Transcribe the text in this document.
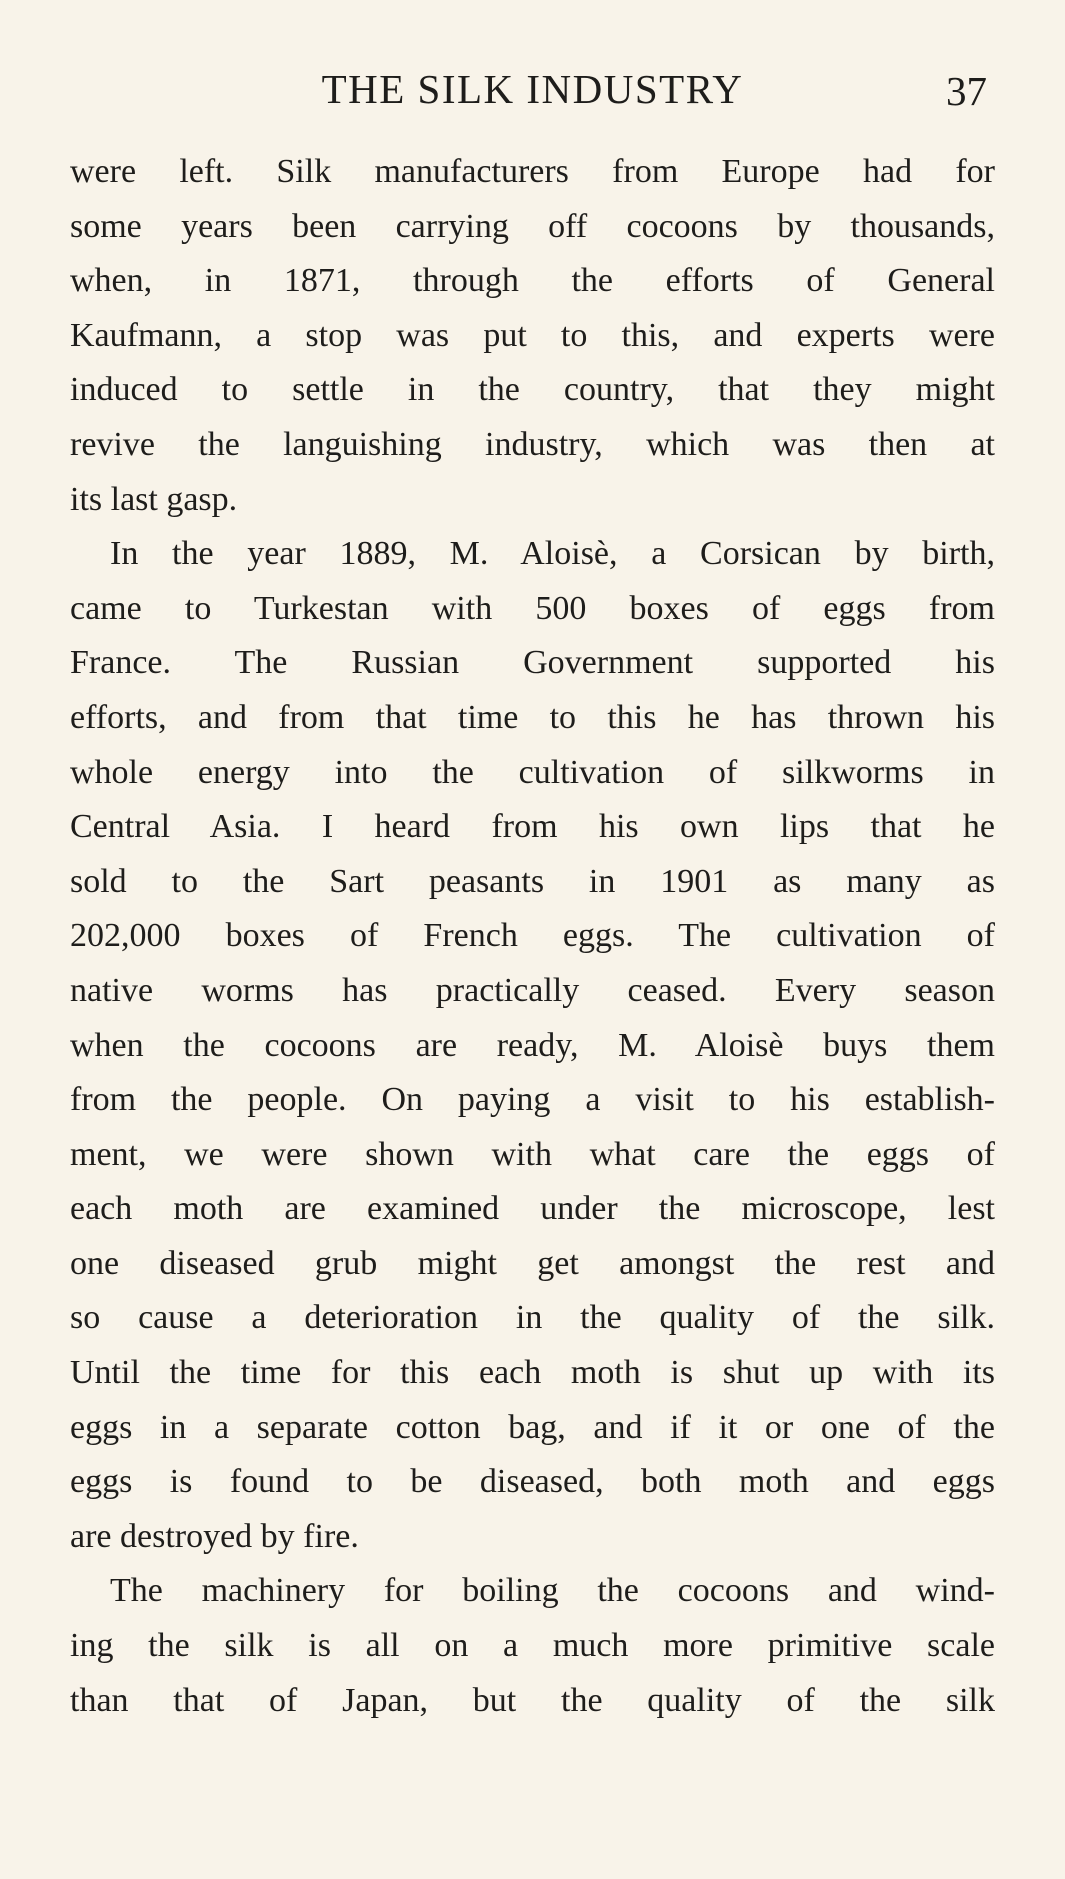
THE SILK INDUSTRY	37
were left. Silk manufacturers from Europe had for
some years been carrying off cocoons by thousands,
when, in 1871, through the efforts of General
Kaufmann, a stop was put to this, and experts were
induced to settle in the country, that they might
revive the languishing industry, which was then at
its last gasp.
In the year 1889, M. Aloisè, a Corsican by birth,
came to Turkestan with 500 boxes of eggs from
France. The Russian Government supported his
efforts, and from that time to this he has thrown his
whole energy into the cultivation of silkworms in
Central Asia. I heard from his own lips that he
sold to the Sart peasants in 1901 as many as
202,000 boxes of French eggs. The cultivation of
native worms has practically ceased. Every season
when the cocoons are ready, M. Aloisè buys them
from the people. On paying a visit to his establish-
ment, we were shown with what care the eggs of
each moth are examined under the microscope, lest
one diseased grub might get amongst the rest and
so cause a deterioration in the quality of the silk.
Until the time for this each moth is shut up with its
eggs in a separate cotton bag, and if it or one of the
eggs is found to be diseased, both moth and eggs
are destroyed by fire.
The machinery for boiling the cocoons and wind-
ing the silk is all on a much more primitive scale
than that of Japan, but the quality of the silk
